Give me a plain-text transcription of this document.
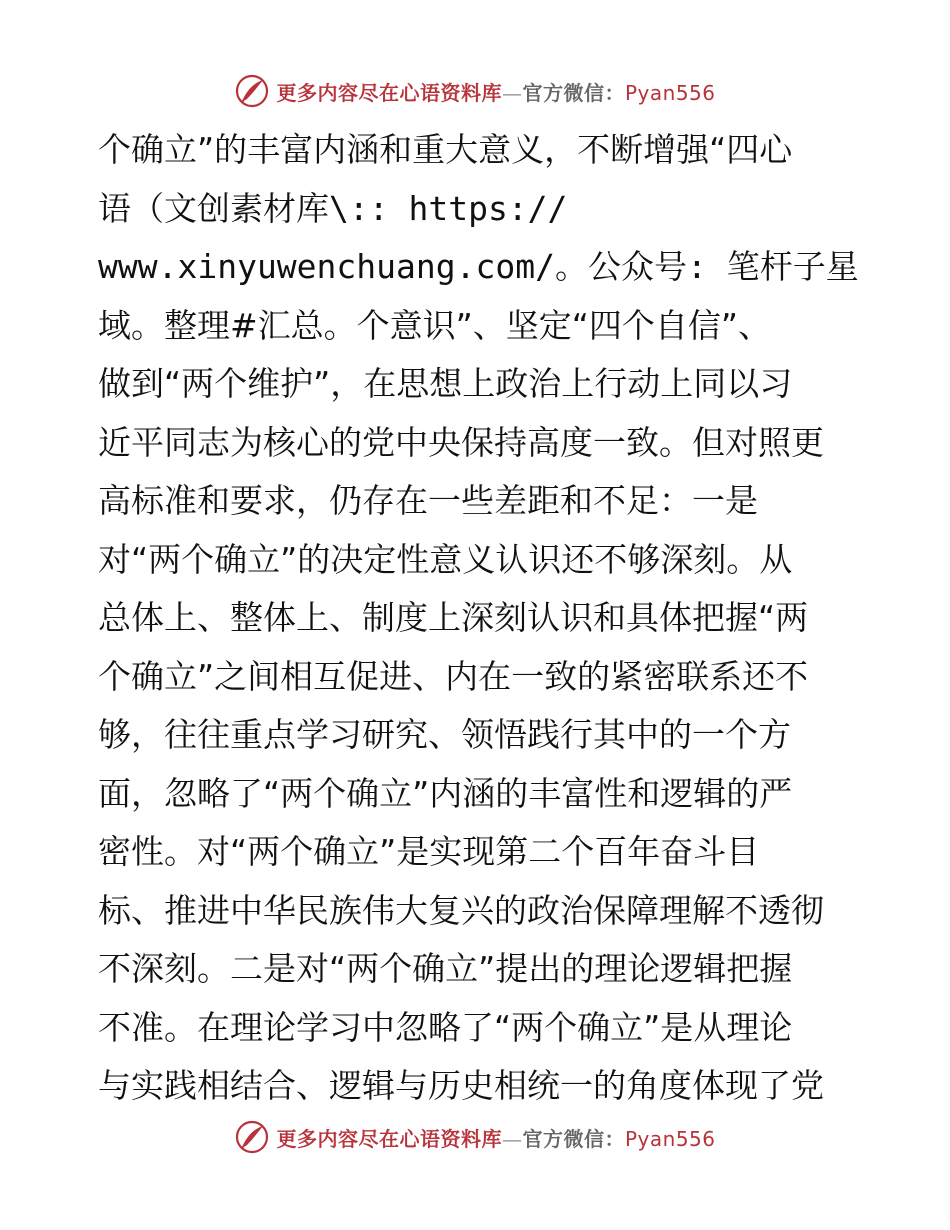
更多内容尽在心语资料库—官方微信：Pyan556
个确立”的丰富内涵和重大意义，不断增强“四心
语（文创素材库\:: https://
www.xinyuwenchuang.com/。公众号: 笔杆子星
域。整理#汇总。个意识”、坚定“四个自信”、
做到“两个维护”，在思想上政治上行动上同以习
近平同志为核心的党中央保持高度一致。但对照更
高标准和要求，仍存在一些差距和不足：一是
对“两个确立”的决定性意义认识还不够深刻。从
总体上、整体上、制度上深刻认识和具体把握“两
个确立”之间相互促进、内在一致的紧密联系还不
够，往往重点学习研究、领悟践行其中的一个方
面，忽略了“两个确立”内涵的丰富性和逻辑的严
密性。对“两个确立”是实现第二个百年奋斗目
标、推进中华民族伟大复兴的政治保障理解不透彻
不深刻。二是对“两个确立”提出的理论逻辑把握
不准。在理论学习中忽略了“两个确立”是从理论
与实践相结合、逻辑与历史相统一的角度体现了党
更多内容尽在心语资料库—官方微信：Pyan556
